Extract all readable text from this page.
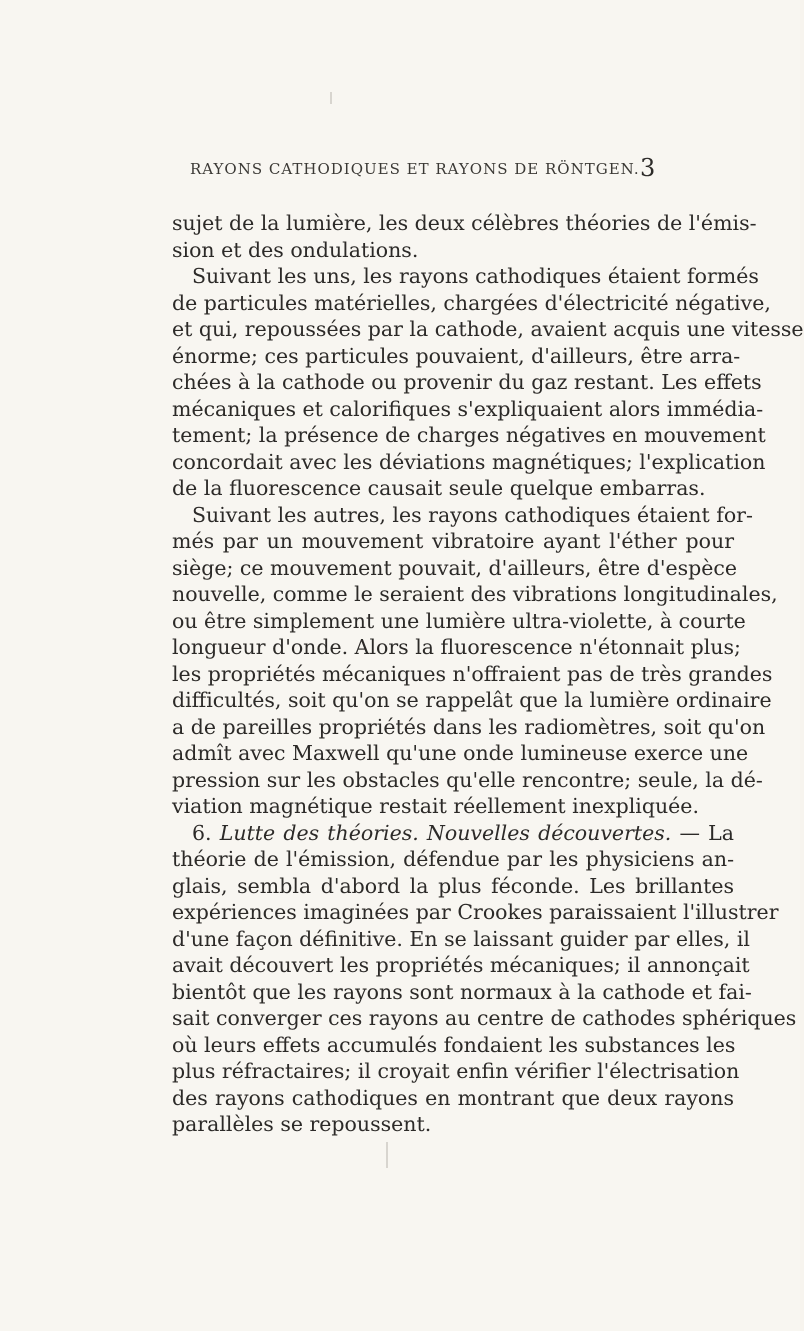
RAYONS CATHODIQUES ET RAYONS DE RÖNTGEN. 3
sujet de la lumière, les deux célèbres théories de l'émis-
sion et des ondulations.
Suivant les uns, les rayons cathodiques étaient formés
de particules matérielles, chargées d'électricité négative,
et qui, repoussées par la cathode, avaient acquis une vitesse
énorme; ces particules pouvaient, d'ailleurs, être arra-
chées à la cathode ou provenir du gaz restant. Les effets
mécaniques et calorifiques s'expliquaient alors immédia-
tement; la présence de charges négatives en mouvement
concordait avec les déviations magnétiques; l'explication
de la fluorescence causait seule quelque embarras.
Suivant les autres, les rayons cathodiques étaient for-
més par un mouvement vibratoire ayant l'éther pour
siège; ce mouvement pouvait, d'ailleurs, être d'espèce
nouvelle, comme le seraient des vibrations longitudinales,
ou être simplement une lumière ultra-violette, à courte
longueur d'onde. Alors la fluorescence n'étonnait plus;
les propriétés mécaniques n'offraient pas de très grandes
difficultés, soit qu'on se rappelât que la lumière ordinaire
a de pareilles propriétés dans les radiomètres, soit qu'on
admît avec Maxwell qu'une onde lumineuse exerce une
pression sur les obstacles qu'elle rencontre; seule, la dé-
viation magnétique restait réellement inexpliquée.
6. Lutte des théories. Nouvelles découvertes. — La
théorie de l'émission, défendue par les physiciens an-
glais, sembla d'abord la plus féconde. Les brillantes
expériences imaginées par Crookes paraissaient l'illustrer
d'une façon définitive. En se laissant guider par elles, il
avait découvert les propriétés mécaniques; il annonçait
bientôt que les rayons sont normaux à la cathode et fai-
sait converger ces rayons au centre de cathodes sphériques
où leurs effets accumulés fondaient les substances les
plus réfractaires; il croyait enfin vérifier l'électrisation
des rayons cathodiques en montrant que deux rayons
parallèles se repoussent.
